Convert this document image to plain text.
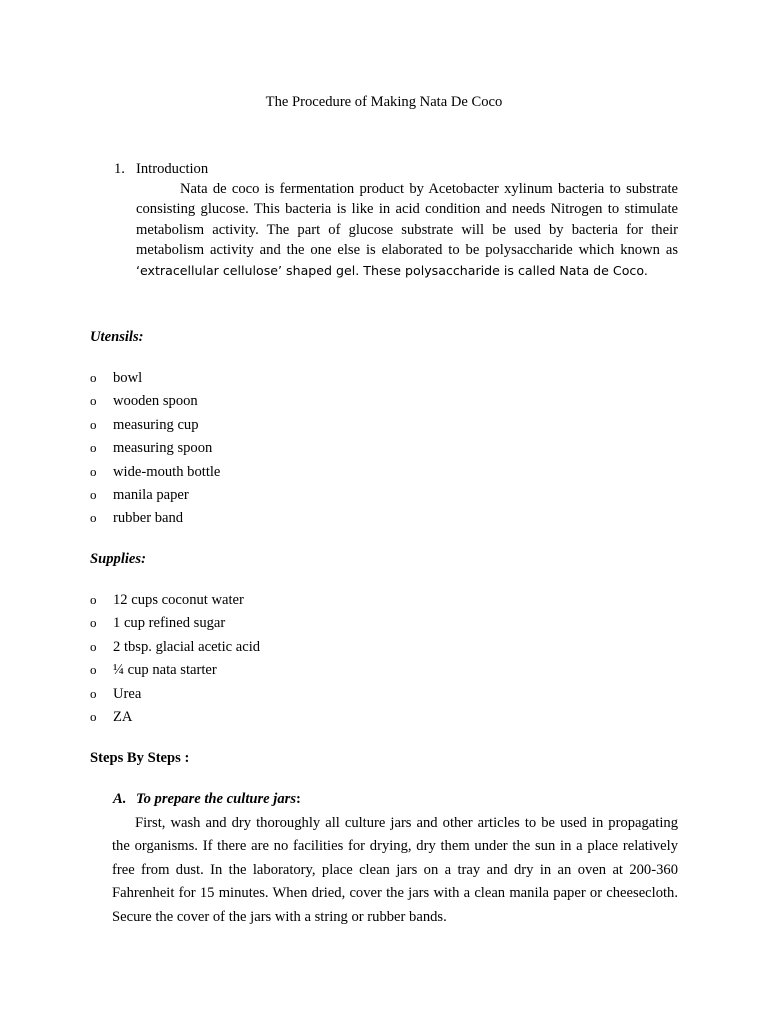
The Procedure of Making Nata De Coco
1. Introduction
Nata de coco is fermentation product by Acetobacter xylinum bacteria to substrate consisting glucose. This bacteria is like in acid condition and needs Nitrogen to stimulate metabolism activity. The part of glucose substrate will be used by bacteria for their metabolism activity and the one else is elaborated to be polysaccharide which known as ‘extracellular cellulose’ shaped gel. These polysaccharide is called Nata de Coco.
Utensils:
o bowl
o wooden spoon
o measuring cup
o measuring spoon
o wide-mouth bottle
o manila paper
o rubber band
Supplies:
o 12 cups coconut water
o 1 cup refined sugar
o 2 tbsp. glacial acetic acid
o ¼ cup nata starter
o Urea
o ZA
Steps By Steps :
A. To prepare the culture jars:
First, wash and dry thoroughly all culture jars and other articles to be used in propagating the organisms. If there are no facilities for drying, dry them under the sun in a place relatively free from dust. In the laboratory, place clean jars on a tray and dry in an oven at 200-360 Fahrenheit for 15 minutes. When dried, cover the jars with a clean manila paper or cheesecloth. Secure the cover of the jars with a string or rubber bands.
